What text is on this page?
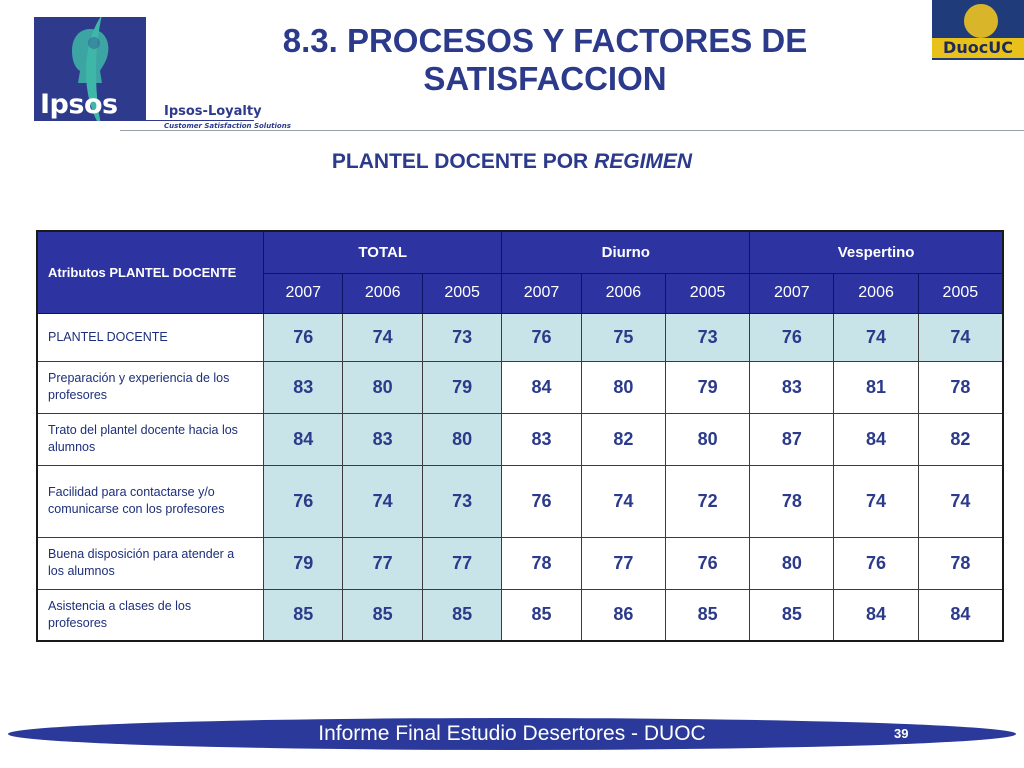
Ipsos	Ipsos-Loyalty
Customer Satisfaction Solutions
8.3. PROCESOS Y FACTORES DE
SATISFACCION
DuocUC
PLANTEL DOCENTE POR REGIMEN
Atributos PLANTEL DOCENTE	TOTAL			Diurno			Vespertino		
	2007	2006	2005	2007	2006	2005	2007	2006	2005
PLANTEL DOCENTE	76	74	73	76	75	73	76	74	74
Preparación y experiencia de los profesores	83	80	79	84	80	79	83	81	78
Trato del plantel docente hacia los alumnos	84	83	80	83	82	80	87	84	82
Facilidad para contactarse y/o comunicarse con los profesores	76	74	73	76	74	72	78	74	74
Buena disposición para atender a los alumnos	79	77	77	78	77	76	80	76	78
Asistencia a clases de los profesores	85	85	85	85	86	85	85	84	84
Informe Final Estudio Desertores - DUOC	39
